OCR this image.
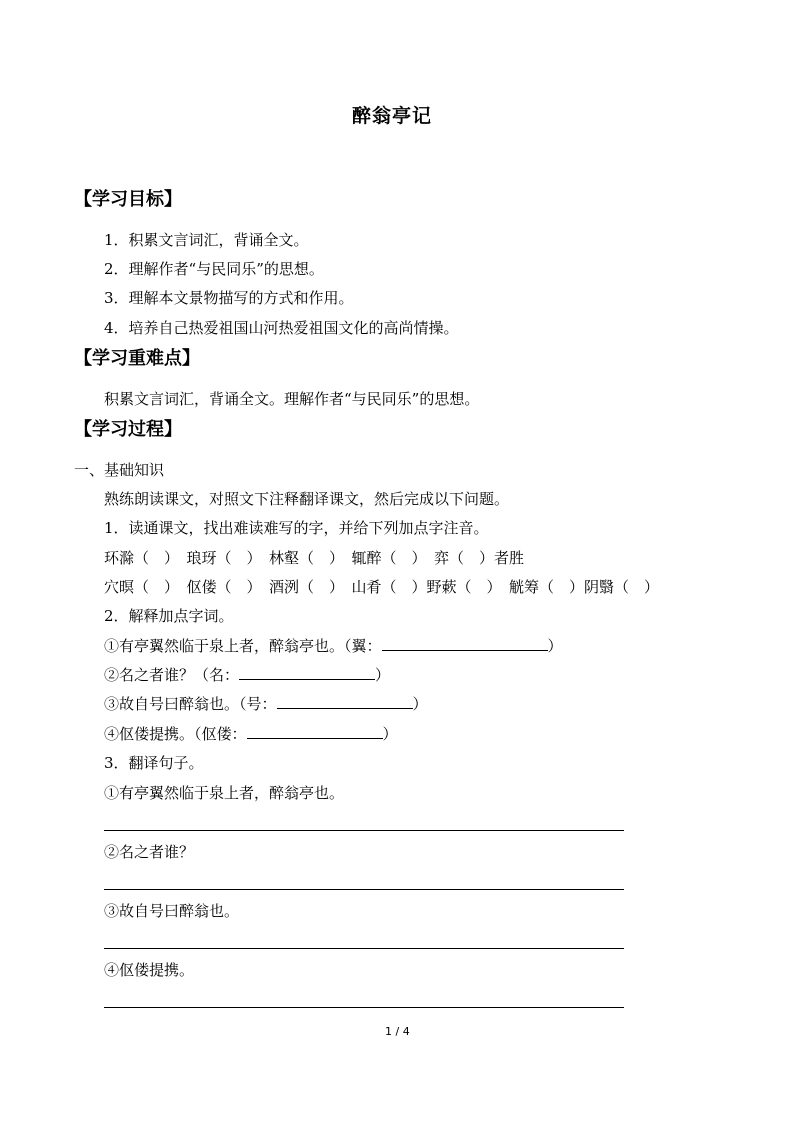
醉翁亭记
【学习目标】
1．积累文言词汇，背诵全文。
2．理解作者“与民同乐”的思想。
3．理解本文景物描写的方式和作用。
4．培养自己热爱祖国山河热爱祖国文化的高尚情操。
【学习重难点】
积累文言词汇，背诵全文。理解作者“与民同乐”的思想。
【学习过程】
一、基础知识
熟练朗读课文，对照文下注释翻译课文，然后完成以下问题。
1．读通课文，找出难读难写的字，并给下列加点字注音。
环滁（　）　琅玡（　）　林壑（　）　辄醉（　）　弈（　）者胜
穴暝（　）　伛偻（　）　酒洌（　）　山肴（　）野蔌（　）　觥筹（　）阴翳（　）
2．解释加点字词。
①有亭翼然临于泉上者，醉翁亭也。（翼：	）
②名之者谁？（名：	）
③故自号曰醉翁也。（号：	）
④伛偻提携。（伛偻：	）
3．翻译句子。
①有亭翼然临于泉上者，醉翁亭也。
②名之者谁？
③故自号曰醉翁也。
④伛偻提携。
1 / 4
